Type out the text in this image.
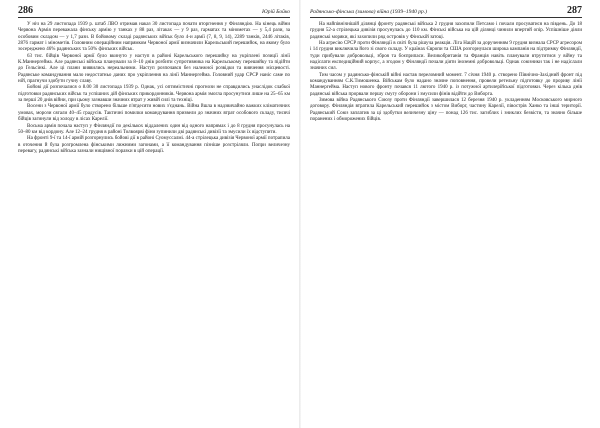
286	Юрій Бойко

У ніч на 29 листопада 1939 р. штаб ЛВО отримав наказ 30 листопада почати вторгнення у Фінляндію. На кінець війни Червона Армія переважала фінську армію у танках у 88 раз, літаках — у 9 раз, гарматах та мінометах — у 5,4 рази, за особовим складом — у 1,7 рази. В бойовому складі радянських військ було 4-и армії (7, 8, 9, 14), 2289 танків, 2446 літаків, 2876 гармат і мінометів. Головним операційним напрямком Червоної армії визначили Карельський перешийок, на якому було зосереджено 46% радянських та 50% фінських військ.

63 тис. бійців Червоної армії було вкинуто у наступ в районі Карельського перешийку на укріплені позиції лінії К.Маннергейма. Але радянські війська планували за 8–10 днів розбити супротивника на Карельському перешийку та підійти до Гельсінкі. Але ці плани виявились нереальними. Наступ розпочався без належної розвідки та вивчення місцевості. Радянське командування мало недостатньо даних про укріплення на лінії Маннергейма. Головний удар СРСР наніс саме по ній, прагнучи здобути гучну славу.

Бойові дії розпочалися о 8.00 30 листопада 1939 р. Однак, усі оптимістичні прогнози не справдились унаслідок слабкої підготовки радянських військ та успішних дій фінських прикордонників. Червона армія змогла просунутися лише на 25–65 км за перші 20 днів війни, при цьому зазнавши значних втрат у живій силі та техніці.

Восени з Червоної армії було створено більше п'ятдесяти нових з'єднань. Війна йшла в надзвичайно важких кліматичних умовах, морози сягали 40–45 градусів. Тактичні помилки командування призвели до значних втрат особового складу, тисячі бійців загинули від холоду в лісах Карелії.

Восьма армія почала наступ у Фінляндії по декількох віддалених один від одного напрямах і до 8 грудня просунулась на 50–80 км від кордону. Але 12–24 грудня в районі Толвоярві фіни зупинили дві радянські дивізії та змусили їх відступити.

На фронті 9-ї та 14-ї армій розгорнулись бойові дії в районі Суомуссалмі. 44-а стрілецька дивізія Червоної армії потрапила в оточення й була розгромлена фінськими лижними загонами, а її командування пізніше розстріляли. Попри величезну перевагу, радянські війська зазнали нищівної поразки в цій операції.

Радянсько-фінська (зимова) війна (1939–1940 рр.)	287

На найпівнічнішій ділянці фронту радянські війська 2 грудня захопили Петсамо і почали просуватися на південь. До 18 грудня 52-а стрілецька дивізія просунулась до 110 км. Фінські війська на цій ділянці чинили впертий опір. Успішніше діяли радянські моряки, які захопили ряд островів у Фінській затоці.

На агресію СРСР проти Фінляндії в світі була рішуча реакція. Ліга Націй за дорученням 9 грудня визнала СРСР агресором і 14 грудня виключила його зі свого складу. У країнах Європи та США розгорнулася широка кампанія на підтримку Фінляндії, туди прибували добровольці, зброя та боєприпаси. Великобританія та Франція навіть планували втрутитися у війну та надіслати експедиційний корпус, а згодом у Фінляндії почали діяти іноземні добровольці. Однак союзники так і не надіслали значних сил.

Тим часом у радянсько-фінській війні настав переломний момент. 7 січня 1940 р. створено Північно-Західний фронт під командуванням С.К.Тимошенка. Військам було надано значне поповнення, провели ретельну підготовку до прориву лінії Маннергейма. Наступ нового фронту почався 11 лютого 1940 р. із потужної артилерійської підготовки. Через кілька днів радянські війська прорвали першу смугу оборони і змусили фінів відійти до Виборга.

Зимова війна Радянського Союзу проти Фінляндії завершилася 12 березня 1940 р. укладенням Московського мирного договору. Фінляндія втратила Карельський перешийок з містом Виборг, частину Карелії, півострів Ханко та інші території. Радянський Союз заплатив за ці здобутки величезну ціну — понад 126 тис. загиблих і зниклих безвісти, та значно більше поранених і обморожених бійців.
